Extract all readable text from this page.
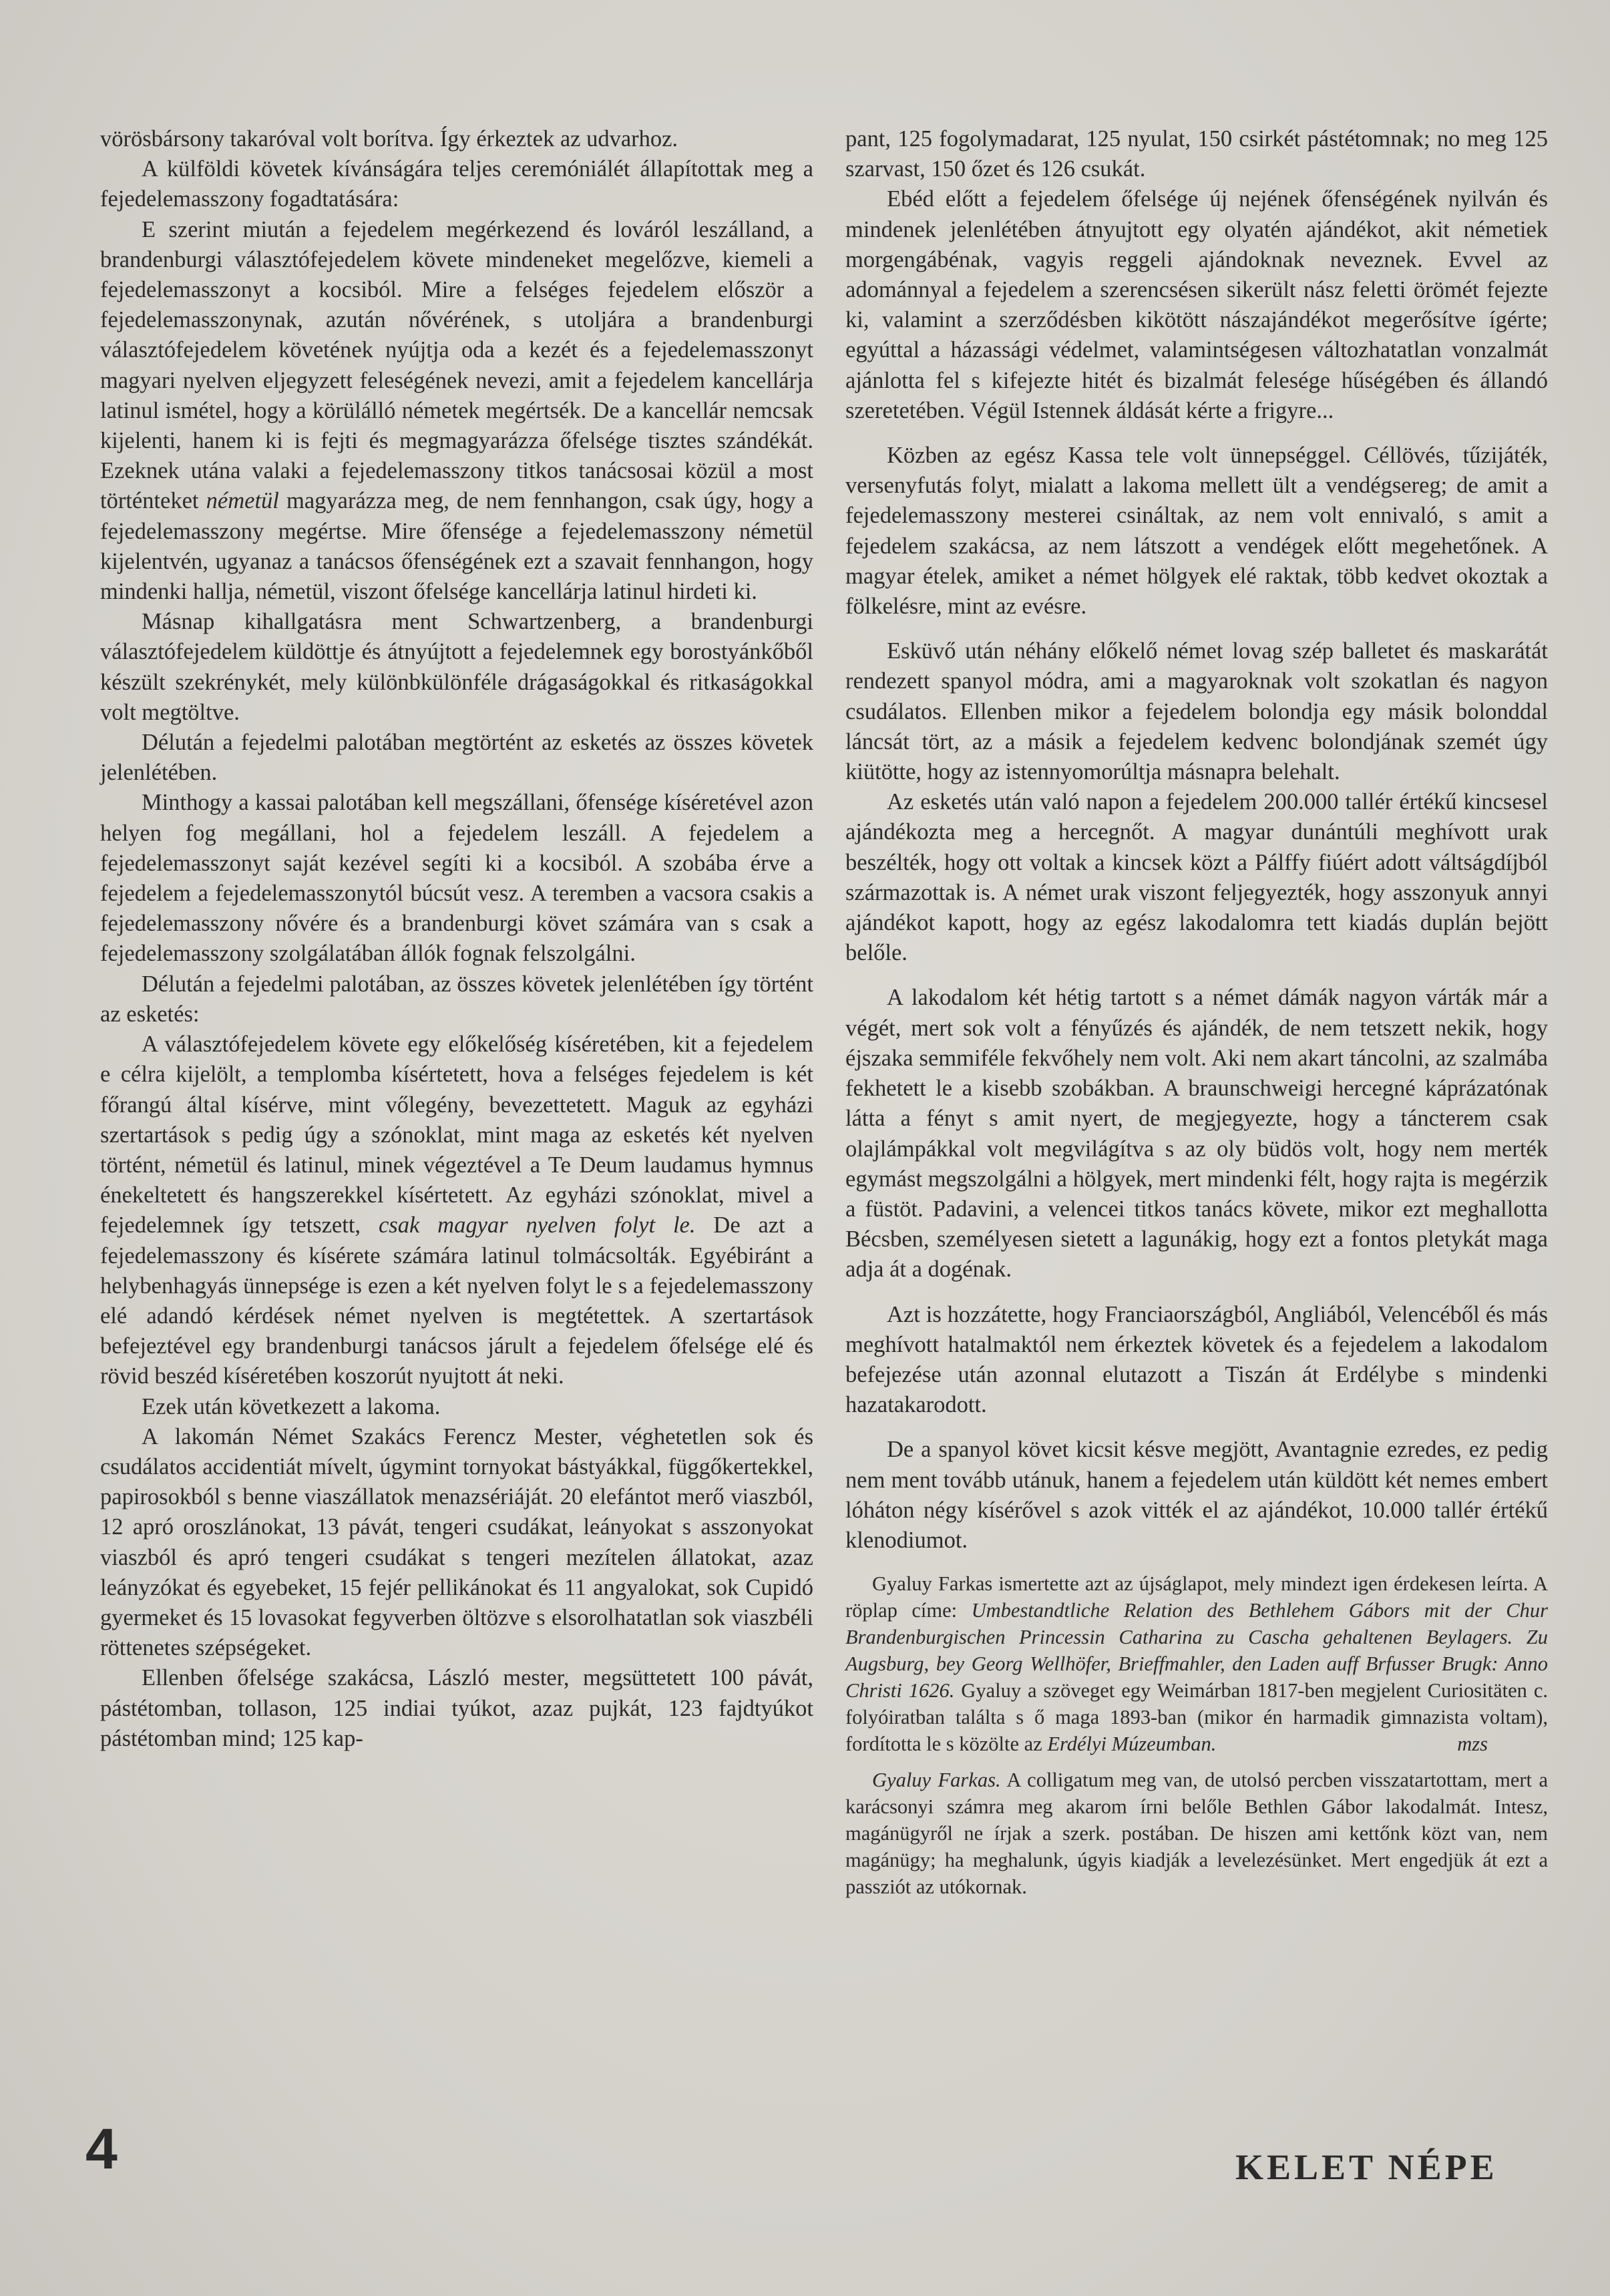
vörösbársony takaróval volt borítva. Így érkeztek az udvarhoz.

A külföldi követek kívánságára teljes ceremóniálét állapítottak meg a fejedelemasszony fogadtatására:

E szerint miután a fejedelem megérkezend és lováról leszálland, a brandenburgi választófejedelem követe mindeneket megelőzve, kiemeli a fejedelemasszonyt a kocsiból. Mire a felséges fejedelem először a fejedelemasszonynak, azután nővérének, s utoljára a brandenburgi választófejedelem követének nyújtja oda a kezét és a fejedelemasszonyt magyari nyelven eljegyzett feleségének nevezi, amit a fejedelem kancellárja latinul ismétel, hogy a körülálló németek megértsék. De a kancellár nemcsak kijelenti, hanem ki is fejti és megmagyarázza őfelsége tisztes szándékát. Ezeknek utána valaki a fejedelemasszony titkos tanácsosai közül a most történteket németül magyarázza meg, de nem fennhangon, csak úgy, hogy a fejedelemasszony megértse. Mire őfensége a fejedelemasszony németül kijelentvén, ugyanaz a tanácsos őfenségének ezt a szavait fennhangon, hogy mindenki hallja, németül, viszont őfelsége kancellárja latinul hirdeti ki.

Másnap kihallgatásra ment Schwartzenberg, a brandenburgi választófejedelem küldöttje és átnyújtott a fejedelemnek egy borostyánkőből készült szekrénykét, mely különbkülönféle drágaságokkal és ritkaságokkal volt megtöltve.

Délután a fejedelmi palotában megtörtént az esketés az összes követek jelenlétében.

Minthogy a kassai palotában kell megszállani, őfensége kíséretével azon helyen fog megállani, hol a fejedelem leszáll. A fejedelem a fejedelemasszonyt saját kezével segíti ki a kocsiból. A szobába érve a fejedelem a fejedelemasszonytól búcsút vesz. A teremben a vacsora csakis a fejedelemasszony nővére és a brandenburgi követ számára van s csak a fejedelemasszony szolgálatában állók fognak felszolgálni.

Délután a fejedelmi palotában, az összes követek jelenlétében így történt az esketés:

A választófejedelem követe egy előkelőség kíséretében, kit a fejedelem e célra kijelölt, a templomba kísértetett, hova a felséges fejedelem is két főrangú által kísérve, mint vőlegény, bevezettetett. Maguk az egyházi szertartások s pedig úgy a szónoklat, mint maga az esketés két nyelven történt, németül és latinul, minek végeztével a Te Deum laudamus hymnus énekeltetett és hangszerekkel kísértetett. Az egyházi szónoklat, mivel a fejedelemnek így tetszett, csak magyar nyelven folyt le. De azt a fejedelemasszony és kísérete számára latinul tolmácsolták. Egyébiránt a helybenhagyás ünnepsége is ezen a két nyelven folyt le s a fejedelemasszony elé adandó kérdések német nyelven is megtétettek. A szertartások befejeztével egy brandenburgi tanácsos járult a fejedelem őfelsége elé és rövid beszéd kíséretében koszorút nyujtott át neki.

Ezek után következett a lakoma.

A lakomán Német Szakács Ferencz Mester, véghetetlen sok és csudálatos accidentiát mívelt, úgymint tornyokat bástyákkal, függőkertekkel, papirosokból s benne viaszállatok menazsériáját. 20 elefántot merő viaszból, 12 apró oroszlánokat, 13 pávát, tengeri csudákat, leányokat s asszonyokat viaszból és apró tengeri csudákat s tengeri mezítelen állatokat, azaz leányzókat és egyebeket, 15 fejér pellikánokat és 11 angyalokat, sok Cupidó gyermeket és 15 lovasokat fegyverben öltözve s elsorolhatatlan sok viaszbéli röttenetes szépségeket.

Ellenben őfelsége szakácsa, László mester, megsüttetett 100 pávát, pástétomban, tollason, 125 indiai tyúkot, azaz pujkát, 123 fajdtyúkot pástétomban mind; 125 kap-

pant, 125 fogolymadarat, 125 nyulat, 150 csirkét pástétomnak; no meg 125 szarvast, 150 őzet és 126 csukát.

Ebéd előtt a fejedelem őfelsége új nejének őfenségének nyilván és mindenek jelenlétében átnyujtott egy olyatén ajándékot, akit németiek morgengábénak, vagyis reggeli ajándoknak neveznek. Evvel az adománnyal a fejedelem a szerencsésen sikerült nász feletti örömét fejezte ki, valamint a szerződésben kikötött nászajándékot megerősítve ígérte; egyúttal a házassági védelmet, valamintségesen változhatatlan vonzalmát ajánlotta fel s kifejezte hitét és bizalmát felesége hűségében és állandó szeretetében. Végül Istennek áldását kérte a frigyre...

Közben az egész Kassa tele volt ünnepséggel. Céllövés, tűzijáték, versenyfutás folyt, mialatt a lakoma mellett ült a vendégsereg; de amit a fejedelemasszony mesterei csináltak, az nem volt ennivaló, s amit a fejedelem szakácsa, az nem látszott a vendégek előtt megehetőnek. A magyar ételek, amiket a német hölgyek elé raktak, több kedvet okoztak a fölkelésre, mint az evésre.

Esküvő után néhány előkelő német lovag szép balletet és maskarátát rendezett spanyol módra, ami a magyaroknak volt szokatlan és nagyon csudálatos. Ellenben mikor a fejedelem bolondja egy másik bolonddal láncsát tört, az a másik a fejedelem kedvenc bolondjának szemét úgy kiütötte, hogy az istennyomorúltja másnapra belehalt.

Az esketés után való napon a fejedelem 200.000 tallér értékű kincsesel ajándékozta meg a hercegnőt. A magyar dunántúli meghívott urak beszélték, hogy ott voltak a kincsek közt a Pálffy fiúért adott váltságdíjból származottak is. A német urak viszont feljegyezték, hogy asszonyuk annyi ajándékot kapott, hogy az egész lakodalomra tett kiadás duplán bejött belőle.

A lakodalom két hétig tartott s a német dámák nagyon várták már a végét, mert sok volt a fényűzés és ajándék, de nem tetszett nekik, hogy éjszaka semmiféle fekvőhely nem volt. Aki nem akart táncolni, az szalmába fekhetett le a kisebb szobákban. A braunschweigi hercegné káprázatónak látta a fényt s amit nyert, de megjegyezte, hogy a táncterem csak olajlámpákkal volt megvilágítva s az oly büdös volt, hogy nem merték egymást megszolgálni a hölgyek, mert mindenki félt, hogy rajta is megérzik a füstöt. Padavini, a velencei titkos tanács követe, mikor ezt meghallotta Bécsben, személyesen sietett a lagunákig, hogy ezt a fontos pletykát maga adja át a dogénak.

Azt is hozzátette, hogy Franciaországból, Angliából, Velencéből és más meghívott hatalmaktól nem érkeztek követek és a fejedelem a lakodalom befejezése után azonnal elutazott a Tiszán át Erdélybe s mindenki hazatakarodott.

De a spanyol követ kicsit késve megjött, Avantagnie ezredes, ez pedig nem ment tovább utánuk, hanem a fejedelem után küldött két nemes embert lóháton négy kísérővel s azok vitték el az ajándékot, 10.000 tallér értékű klenodiumot.

Gyaluy Farkas ismertette azt az újságlapot, mely mindezt igen érdekesen leírta. A röplap címe: Umbestandtliche Relation des Bethlehem Gábors mit der Chur Brandenburgischen Princessin Catharina zu Cascha gehaltenen Beylagers. Zu Augsburg, bey Georg Wellhöfer, Brieffmahler, den Laden auff Brfusser Brugk: Anno Christi 1626. Gyaluy a szöveget egy Weimárban 1817-ben megjelent Curiositäten c. folyóiratban találta s ő maga 1893-ban (mikor én harmadik gimnazista voltam), fordította le s közölte az Erdélyi Múzeumban.	mzs

Gyaluy Farkas. A colligatum meg van, de utolsó percben visszatartottam, mert a karácsonyi számra meg akarom írni belőle Bethlen Gábor lakodalmát. Intesz, magánügyről ne írjak a szerk. postában. De hiszen ami kettőnk közt van, nem magánügy; ha meghalunk, úgyis kiadják a levelezésünket. Mert engedjük át ezt a passziót az utókornak.

4	KELET NÉPE
